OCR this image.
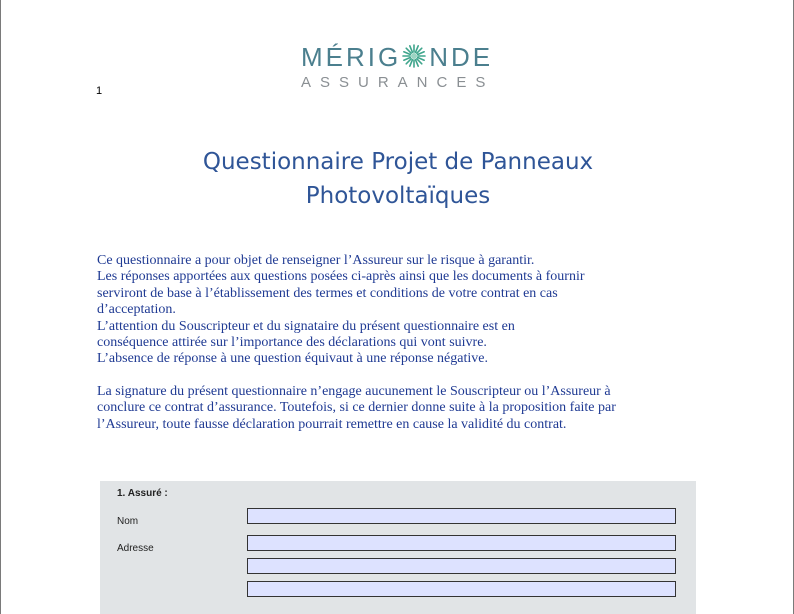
1
MÉRIG NDE
ASSURANCES
Questionnaire Projet de Panneaux
Photovoltaïques

Ce questionnaire a pour objet de renseigner l’Assureur sur le risque à garantir.

Les réponses apportées aux questions posées ci-après ainsi que les documents à fournir

serviront de base à l’établissement des termes et conditions de votre contrat en cas

d’acceptation.

L’attention du Souscripteur et du signataire du présent questionnaire est en

conséquence attirée sur l’importance des déclarations qui vont suivre.

L’absence de réponse à une question équivaut à une réponse négative.

La signature du présent questionnaire n’engage aucunement le Souscripteur ou l’Assureur à

conclure ce contrat d’assurance. Toutefois, si ce dernier donne suite à la proposition faite par

l’Assureur, toute fausse déclaration pourrait remettre en cause la validité du contrat.

1. Assuré :
Nom
Adresse
